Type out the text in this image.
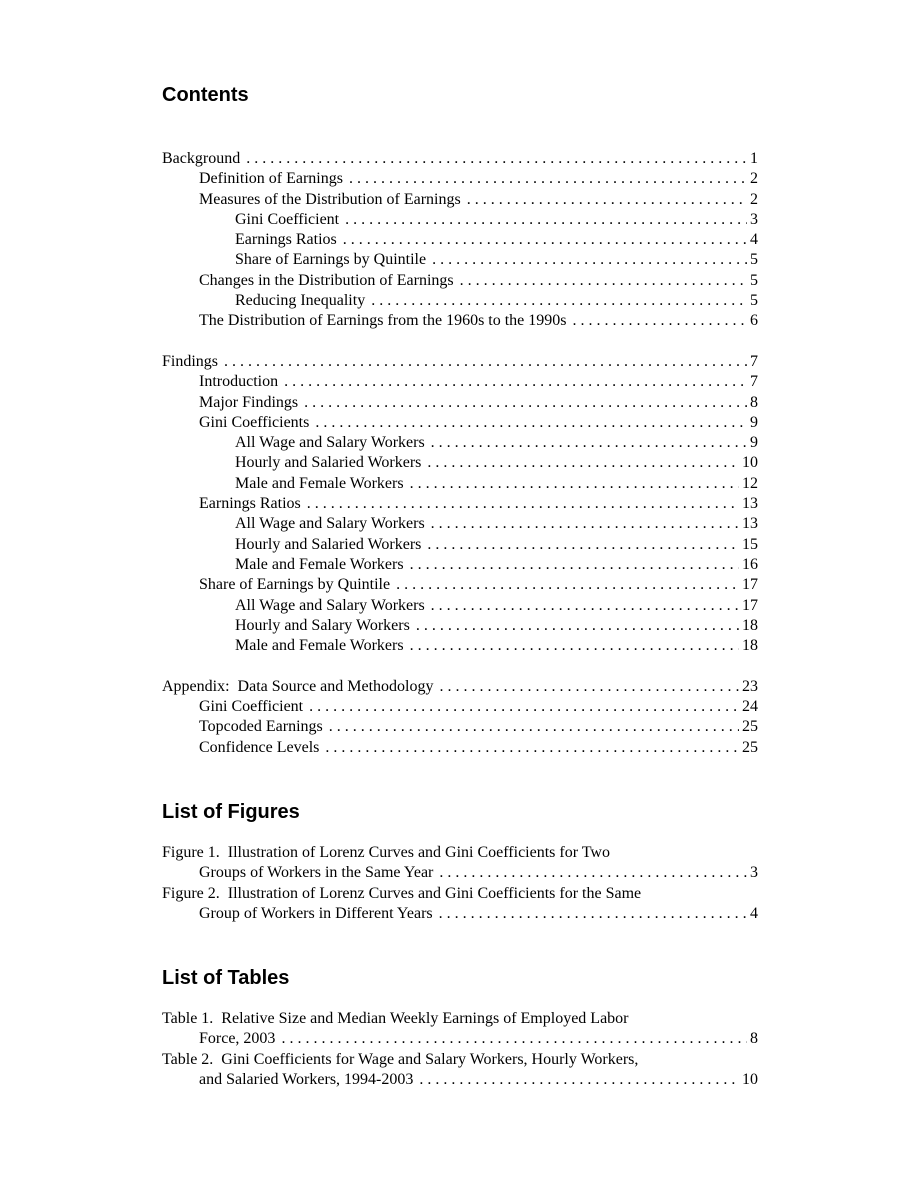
Contents
Background . . .	1
Definition of Earnings . . .	2
Measures of the Distribution of Earnings . . .	2
Gini Coefficient . . .	3
Earnings Ratios . . .	4
Share of Earnings by Quintile . . .	5
Changes in the Distribution of Earnings . . .	5
Reducing Inequality . . .	5
The Distribution of Earnings from the 1960s to the 1990s . . .	6
Findings . . .	7
Introduction . . .	7
Major Findings . . .	8
Gini Coefficients . . .	9
All Wage and Salary Workers . . .	9
Hourly and Salaried Workers . . .	10
Male and Female Workers . . .	12
Earnings Ratios . . .	13
All Wage and Salary Workers . . .	13
Hourly and Salaried Workers . . .	15
Male and Female Workers . . .	16
Share of Earnings by Quintile . . .	17
All Wage and Salary Workers . . .	17
Hourly and Salary Workers . . .	18
Male and Female Workers . . .	18
Appendix:  Data Source and Methodology . . .	23
Gini Coefficient . . .	24
Topcoded Earnings . . .	25
Confidence Levels . . .	25
List of Figures
Figure 1.  Illustration of Lorenz Curves and Gini Coefficients for Two
Groups of Workers in the Same Year . . .	3
Figure 2.  Illustration of Lorenz Curves and Gini Coefficients for the Same
Group of Workers in Different Years . . .	4
List of Tables
Table 1.  Relative Size and Median Weekly Earnings of Employed Labor
Force, 2003 . . .	8
Table 2.  Gini Coefficients for Wage and Salary Workers, Hourly Workers,
and Salaried Workers, 1994-2003 . . .	10
